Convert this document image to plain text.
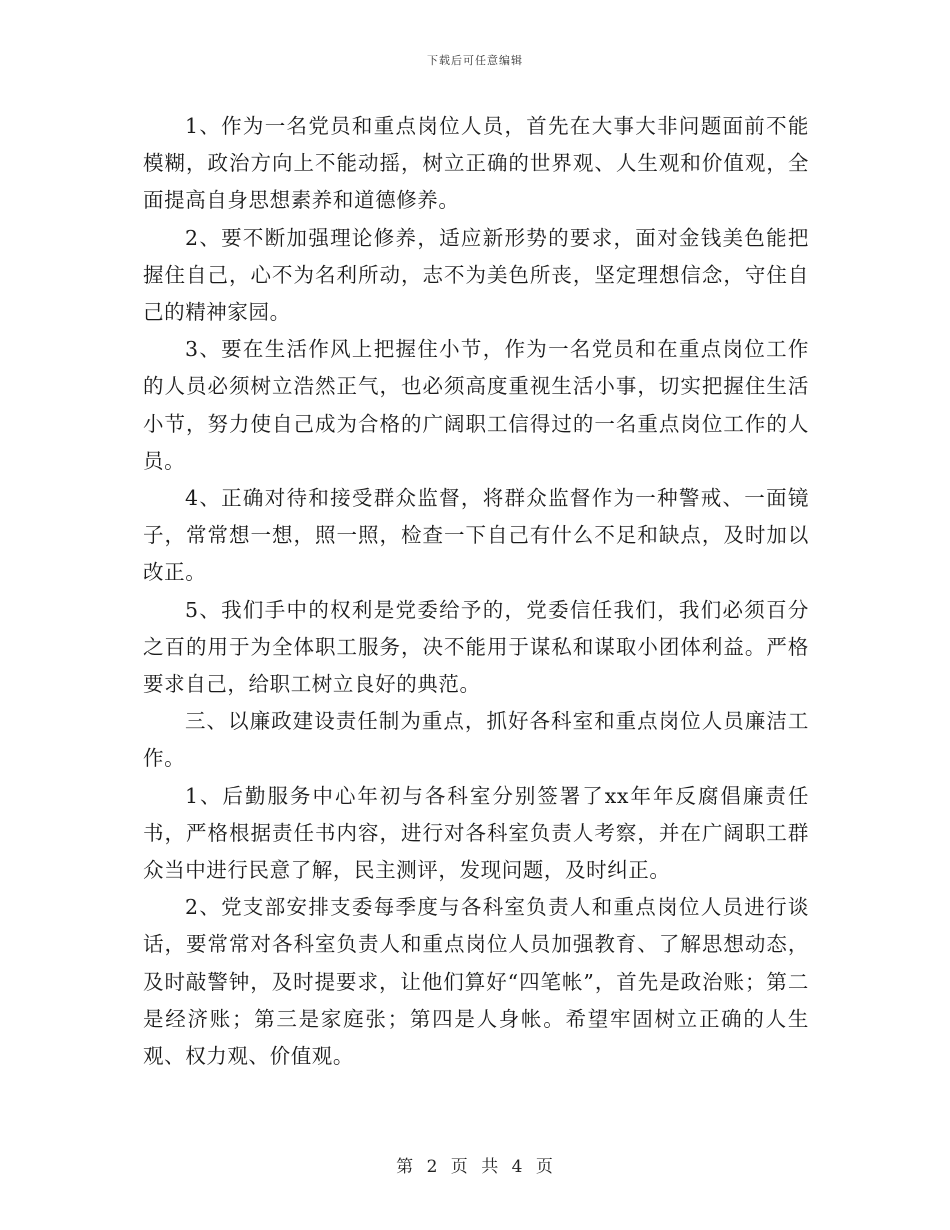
下载后可任意编辑

1、作为一名党员和重点岗位人员，首先在大事大非问题面前不能模糊，政治方向上不能动摇，树立正确的世界观、人生观和价值观，全面提高自身思想素养和道德修养。

2、要不断加强理论修养，适应新形势的要求，面对金钱美色能把握住自己，心不为名利所动，志不为美色所丧，坚定理想信念，守住自己的精神家园。

3、要在生活作风上把握住小节，作为一名党员和在重点岗位工作的人员必须树立浩然正气，也必须高度重视生活小事，切实把握住生活小节，努力使自己成为合格的广阔职工信得过的一名重点岗位工作的人员。

4、正确对待和接受群众监督，将群众监督作为一种警戒、一面镜子，常常想一想，照一照，检查一下自己有什么不足和缺点，及时加以改正。

5、我们手中的权利是党委给予的，党委信任我们，我们必须百分之百的用于为全体职工服务，决不能用于谋私和谋取小团体利益。严格要求自己，给职工树立良好的典范。

三、以廉政建设责任制为重点，抓好各科室和重点岗位人员廉洁工作。

1、后勤服务中心年初与各科室分别签署了xx年年反腐倡廉责任书，严格根据责任书内容，进行对各科室负责人考察，并在广阔职工群众当中进行民意了解，民主测评，发现问题，及时纠正。

2、党支部安排支委每季度与各科室负责人和重点岗位人员进行谈话，要常常对各科室负责人和重点岗位人员加强教育、了解思想动态，及时敲警钟，及时提要求，让他们算好“四笔帐”，首先是政治账；第二是经济账；第三是家庭张；第四是人身帐。希望牢固树立正确的人生观、权力观、价值观。

第 2 页 共 4 页
